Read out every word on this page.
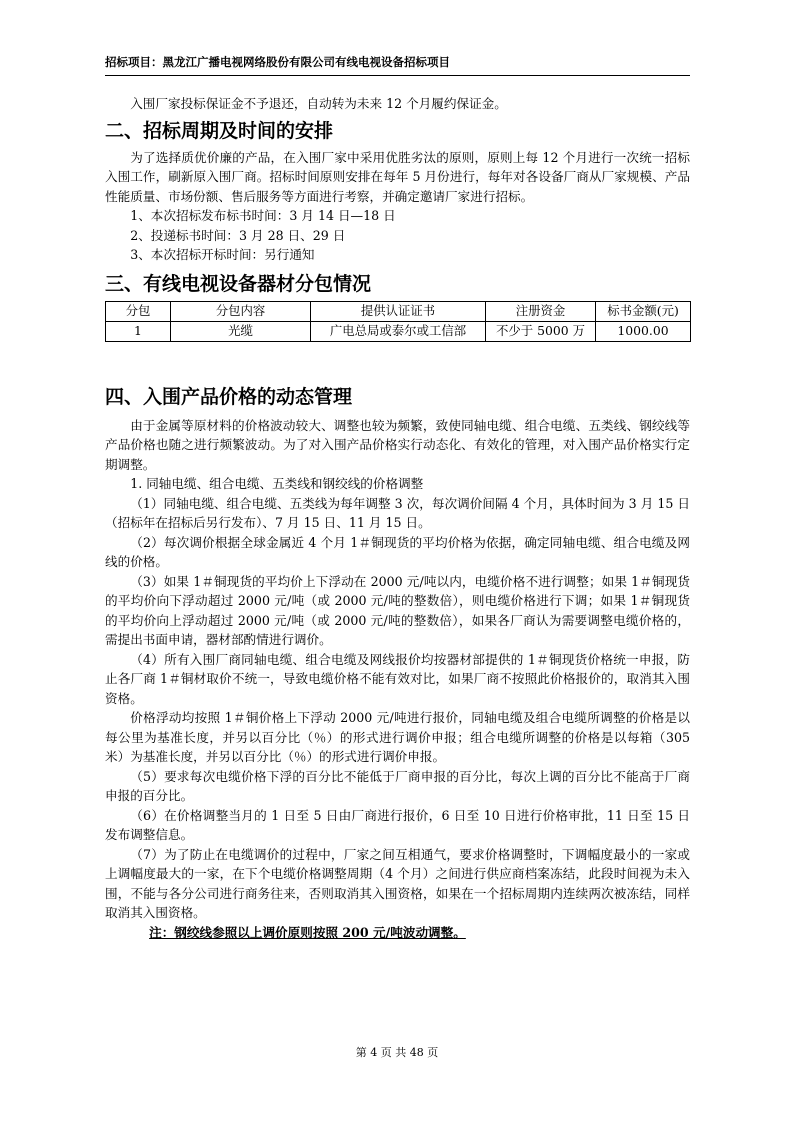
招标项目：黑龙江广播电视网络股份有限公司有线电视设备招标项目

入围厂家投标保证金不予退还，自动转为未来 12 个月履约保证金。

二、招标周期及时间的安排

为了选择质优价廉的产品，在入围厂家中采用优胜劣汰的原则，原则上每 12 个月进行一次统一招标入围工作，刷新原入围厂商。招标时间原则安排在每年 5 月份进行，每年对各设备厂商从厂家规模、产品性能质量、市场份额、售后服务等方面进行考察，并确定邀请厂家进行招标。

1、本次招标发布标书时间：3 月 14 日—18 日

2、投递标书时间：3 月 28 日、29 日

3、本次招标开标时间：另行通知

三、有线电视设备器材分包情况
分包	分包内容	提供认证证书	注册资金	标书金额(元)
1	光缆	广电总局或泰尔或工信部	不少于 5000 万	1000.00
四、入围产品价格的动态管理

由于金属等原材料的价格波动较大、调整也较为频繁，致使同轴电缆、组合电缆、五类线、钢绞线等产品价格也随之进行频繁波动。为了对入围产品价格实行动态化、有效化的管理，对入围产品价格实行定期调整。

1. 同轴电缆、组合电缆、五类线和钢绞线的价格调整

（1）同轴电缆、组合电缆、五类线为每年调整 3 次，每次调价间隔 4 个月，具体时间为 3 月 15 日（招标年在招标后另行发布）、7 月 15 日、11 月 15 日。

（2）每次调价根据全球金属近 4 个月 1＃铜现货的平均价格为依据，确定同轴电缆、组合电缆及网线的价格。

（3）如果 1＃铜现货的平均价上下浮动在 2000 元/吨以内，电缆价格不进行调整；如果 1＃铜现货的平均价向下浮动超过 2000 元/吨（或 2000 元/吨的整数倍），则电缆价格进行下调；如果 1＃铜现货的平均价向上浮动超过 2000 元/吨（或 2000 元/吨的整数倍），如果各厂商认为需要调整电缆价格的，需提出书面申请，器材部酌情进行调价。

（4）所有入围厂商同轴电缆、组合电缆及网线报价均按器材部提供的 1＃铜现货价格统一申报，防止各厂商 1＃铜材取价不统一，导致电缆价格不能有效对比，如果厂商不按照此价格报价的，取消其入围资格。

价格浮动均按照 1＃铜价格上下浮动 2000 元/吨进行报价，同轴电缆及组合电缆所调整的价格是以每公里为基准长度，并另以百分比（％）的形式进行调价申报；组合电缆所调整的价格是以每箱（305 米）为基准长度，并另以百分比（％）的形式进行调价申报。

（5）要求每次电缆价格下浮的百分比不能低于厂商申报的百分比，每次上调的百分比不能高于厂商申报的百分比。

（6）在价格调整当月的 1 日至 5 日由厂商进行报价，6 日至 10 日进行价格审批，11 日至 15 日发布调整信息。

（7）为了防止在电缆调价的过程中，厂家之间互相通气，要求价格调整时，下调幅度最小的一家或上调幅度最大的一家，在下个电缆价格调整周期（4 个月）之间进行供应商档案冻结，此段时间视为未入围，不能与各分公司进行商务往来，否则取消其入围资格，如果在一个招标周期内连续两次被冻结，同样取消其入围资格。

注：钢绞线参照以上调价原则按照 200 元/吨波动调整。

第 4 页 共 48 页
